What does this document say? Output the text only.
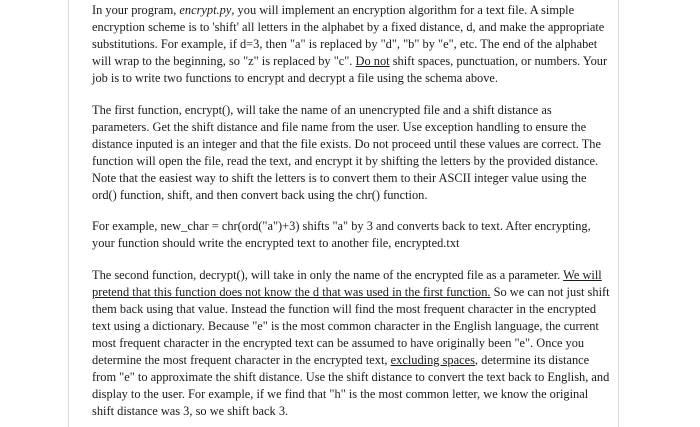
In your program, encrypt.py, you will implement an encryption algorithm for a text file. A simple encryption scheme is to 'shift' all letters in the alphabet by a fixed distance, d, and make the appropriate substitutions. For example, if d=3, then "a" is replaced by "d", "b" by "e", etc. The end of the alphabet will wrap to the beginning, so "z" is replaced by "c". Do not shift spaces, punctuation, or numbers. Your job is to write two functions to encrypt and decrypt a file using the schema above.

The first function, encrypt(), will take the name of an unencrypted file and a shift distance as parameters. Get the shift distance and file name from the user. Use exception handling to ensure the distance inputed is an integer and that the file exists. Do not proceed until these values are correct. The function will open the file, read the text, and encrypt it by shifting the letters by the provided distance. Note that the easiest way to shift the letters is to convert them to their ASCII integer value using the ord() function, shift, and then convert back using the chr() function.

For example, new_char = chr(ord("a")+3) shifts "a" by 3 and converts back to text. After encrypting, your function should write the encrypted text to another file, encrypted.txt

The second function, decrypt(), will take in only the name of the encrypted file as a parameter. We will pretend that this function does not know the d that was used in the first function. So we can not just shift them back using that value. Instead the function will find the most frequent character in the encrypted text using a dictionary. Because "e" is the most common character in the English language, the current most frequent character in the encrypted text can be assumed to have originally been "e". Once you determine the most frequent character in the encrypted text, excluding spaces, determine its distance from "e" to approximate the shift distance. Use the shift distance to convert the text back to English, and display to the user. For example, if we find that "h" is the most common letter, we know the original shift distance was 3, so we shift back 3.
